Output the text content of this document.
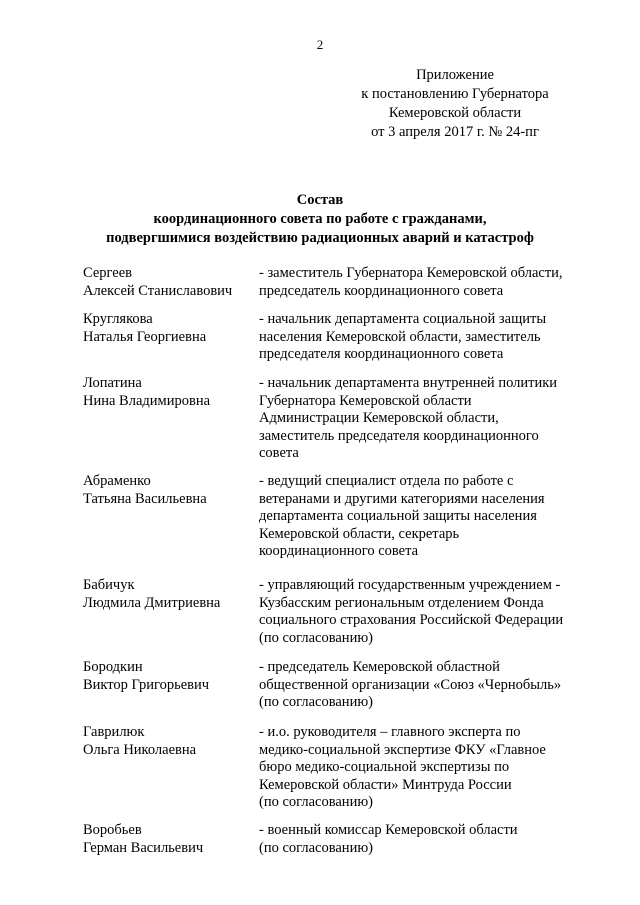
2
Приложение
к постановлению Губернатора
Кемеровской области
от 3 апреля 2017 г. № 24-пг
Состав
координационного совета по работе с гражданами,
подвергшимися воздействию радиационных аварий и катастроф
Сергеев
Алексей Станиславович
- заместитель Губернатора Кемеровской области,
председатель координационного совета
Круглякова
Наталья Георгиевна
- начальник департамента социальной защиты
населения Кемеровской области, заместитель
председателя координационного совета
Лопатина
Нина Владимировна
- начальник департамента внутренней политики
Губернатора Кемеровской области
Администрации Кемеровской области,
заместитель председателя координационного
совета
Абраменко
Татьяна Васильевна
- ведущий специалист отдела по работе с
ветеранами и другими категориями населения
департамента социальной защиты населения
Кемеровской области, секретарь
координационного совета
Бабичук
Людмила Дмитриевна
- управляющий государственным учреждением -
Кузбасским региональным отделением Фонда
социального страхования Российской Федерации
(по согласованию)
Бородкин
Виктор Григорьевич
- председатель Кемеровской областной
общественной организации «Союз «Чернобыль»
(по согласованию)
Гаврилюк
Ольга Николаевна
- и.о. руководителя – главного эксперта по
медико-социальной экспертизе ФКУ «Главное
бюро медико-социальной экспертизы по
Кемеровской области» Минтруда России
(по согласованию)
Воробьев
Герман Васильевич
- военный комиссар Кемеровской области
(по согласованию)
